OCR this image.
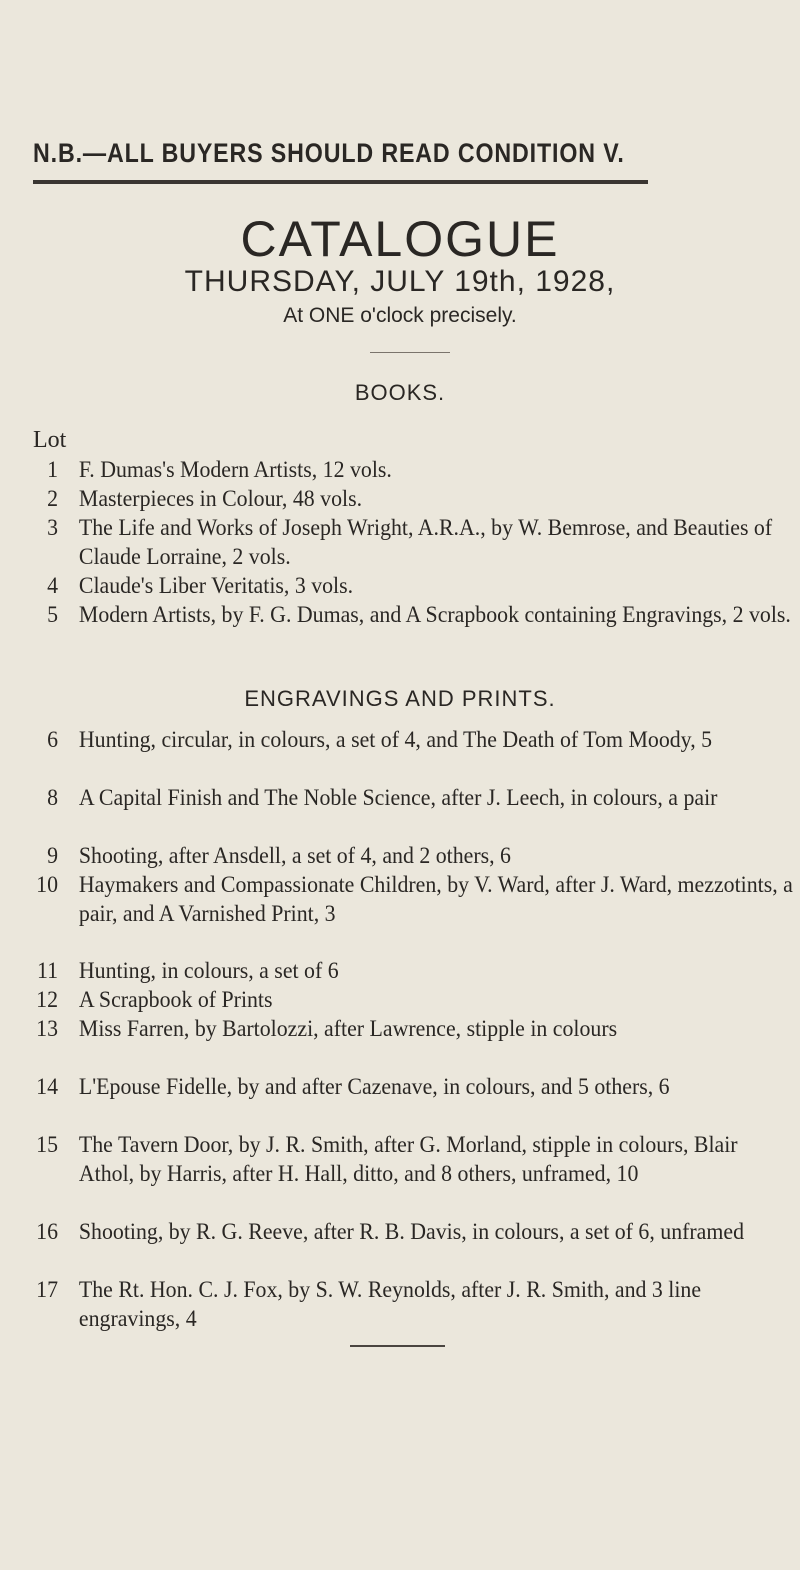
N.B.—ALL BUYERS SHOULD READ CONDITION V.
CATALOGUE
THURSDAY, JULY 19th, 1928,
At ONE o'clock precisely.
BOOKS.
Lot
1 F. Dumas's Modern Artists, 12 vols.
2 Masterpieces in Colour, 48 vols.
3 The Life and Works of Joseph Wright, A.R.A., by W. Bemrose, and Beauties of Claude Lorraine, 2 vols.
4 Claude's Liber Veritatis, 3 vols.
5 Modern Artists, by F. G. Dumas, and A Scrapbook containing Engravings, 2 vols.
ENGRAVINGS AND PRINTS.
6 Hunting, circular, in colours, a set of 4, and The Death of Tom Moody, 5
8 A Capital Finish and The Noble Science, after J. Leech, in colours, a pair
9 Shooting, after Ansdell, a set of 4, and 2 others, 6
10 Haymakers and Compassionate Children, by V. Ward, after J. Ward, mezzotints, a pair, and A Varnished Print, 3
11 Hunting, in colours, a set of 6
12 A Scrapbook of Prints
13 Miss Farren, by Bartolozzi, after Lawrence, stipple in colours
14 L'Epouse Fidelle, by and after Cazenave, in colours, and 5 others, 6
15 The Tavern Door, by J. R. Smith, after G. Morland, stipple in colours, Blair Athol, by Harris, after H. Hall, ditto, and 8 others, unframed, 10
16 Shooting, by R. G. Reeve, after R. B. Davis, in colours, a set of 6, unframed
17 The Rt. Hon. C. J. Fox, by S. W. Reynolds, after J. R. Smith, and 3 line engravings, 4
